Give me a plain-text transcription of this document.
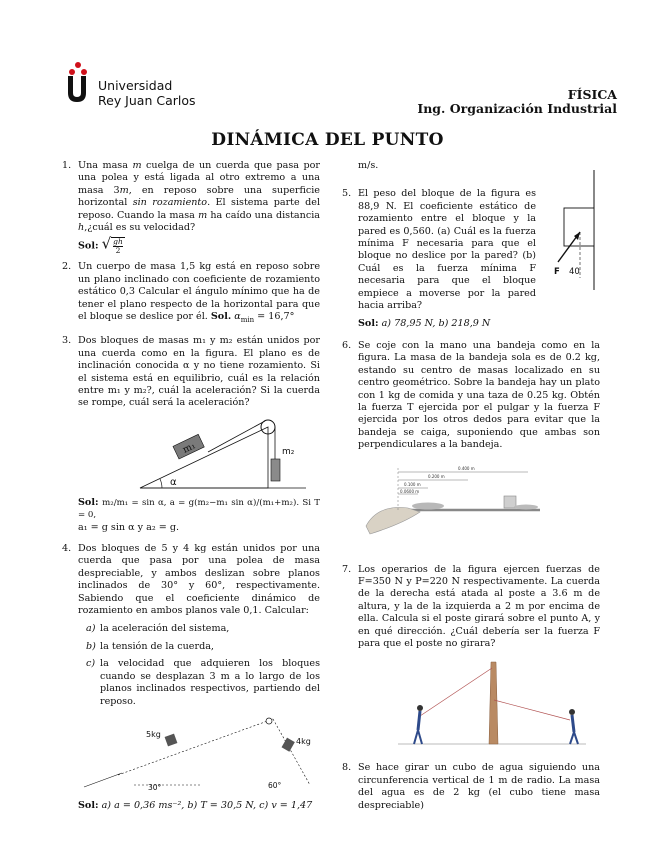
Universidad
Rey Juan Carlos	FÍSICA
Ing. Organización Industrial
DINÁMICA DEL PUNTO
1. Una masa m cuelga de un cuerda que pasa por una polea y está ligada al otro extremo a una masa 3m, en reposo sobre una superficie horizontal sin rozamiento. El sistema parte del reposo. Cuando la masa m ha caído una distancia h,¿cuál es su velocidad?
Sol: √ $\frac{gh}{2}$
2. Un cuerpo de masa 1,5 kg está en reposo sobre un plano inclinado con coeficiente de rozamiento estático 0,3 Calcular el ángulo mínimo que ha de tener el plano respecto de la horizontal para que el bloque se deslice por él. Sol. $\alpha_{min} = 16,7^\circ$
3. Dos bloques de masas m₁ y m₂ están unidos por una cuerda como en la figura. El plano es de inclinación conocida α y no tiene rozamiento. Si el sistema está en equilibrio, cuál es la relación entre m₁ y m₂?, cuál la aceleración? Si la cuerda se rompe, cuál será la aceleración?
m₁	m₂
α
Sol: m₂/m₁ = sin α, a = g(m₂−m₁ sin α)/(m₁+m₂). Si T = 0,
a₁ = g sin α y a₂ = g.
4. Dos bloques de 5 y 4 kg están unidos por una cuerda que pasa por una polea de masa despreciable, y ambos deslizan sobre planos inclinados de 30° y 60°, respectivamente. Sabiendo que el coeficiente dinámico de rozamiento en ambos planos vale 0,1. Calcular:
a) la aceleración del sistema,
b) la tensión de la cuerda,
c) la velocidad que adquieren los bloques cuando se desplazan 3 m a lo largo de los planos inclinados respectivos, partiendo del reposo.
5kg
4kg
30°	60°
Sol: a) a = 0,36 ms⁻², b) T = 30,5 N, c) v = 1,47
m/s.
5. El peso del bloque de la figura es 88,9 N. El coeficiente estático de rozamiento entre el bloque y la pared es 0,560. (a) Cuál es la fuerza mínima F necesaria para que el bloque no deslice por la pared? (b) Cuál es la fuerza mínima F necesaria para que el bloque empiece a moverse por la pared hacia arriba?
F 40
Sol: a) 78,95 N, b) 218,9 N
6. Se coje con la mano una bandeja como en la figura. La masa de la bandeja sola es de 0.2 kg, estando su centro de masas localizado en su centro geométrico. Sobre la bandeja hay un plato con 1 kg de comida y una taza de 0.25 kg. Obtén la fuerza T ejercida por el pulgar y la fuerza F ejercida por los otros dedos para evitar que la bandeja se caiga, suponiendo que ambas son perpendiculares a la bandeja.
0.400 m
0.200 m
0.100 m
0.0600 m
7. Los operarios de la figura ejercen fuerzas de F=350 N y P=220 N respectivamente. La cuerda de la derecha está atada al poste a 3.6 m de altura, y la de la izquierda a 2 m por encima de ella. Calcula si el poste girará sobre el punto A, y en qué dirección. ¿Cuál debería ser la fuerza F para que el poste no girara?
8. Se hace girar un cubo de agua siguiendo una circunferencia vertical de 1 m de radio. La masa del agua es de 2 kg (el cubo tiene masa despreciable)
